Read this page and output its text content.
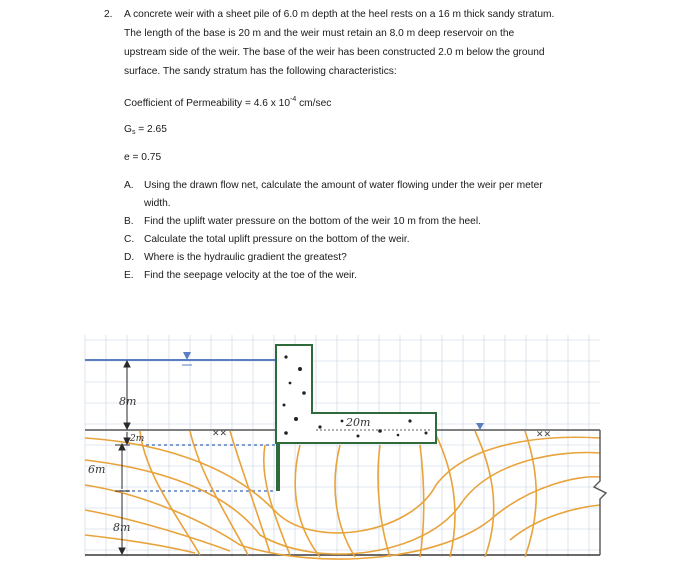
2. A concrete weir with a sheet pile of 6.0 m depth at the heel rests on a 16 m thick sandy stratum.
The length of the base is 20 m and the weir must retain an 8.0 m deep reservoir on the
upstream side of the weir. The base of the weir has been constructed 2.0 m below the ground
surface. The sandy stratum has the following characteristics:
Coefficient of Permeability = 4.6 x $10^{-4}$ cm/sec
$G_s = 2.65$
e = 0.75
A. Using the drawn flow net, calculate the amount of water flowing under the weir per meter
width.
B. Find the uplift water pressure on the bottom of the weir 10 m from the heel.
C. Calculate the total uplift pressure on the bottom of the weir.
D. Where is the hydraulic gradient the greatest?
E. Find the seepage velocity at the toe of the weir.
✕✕	✕✕
20m
8m
2m
6m
8m
